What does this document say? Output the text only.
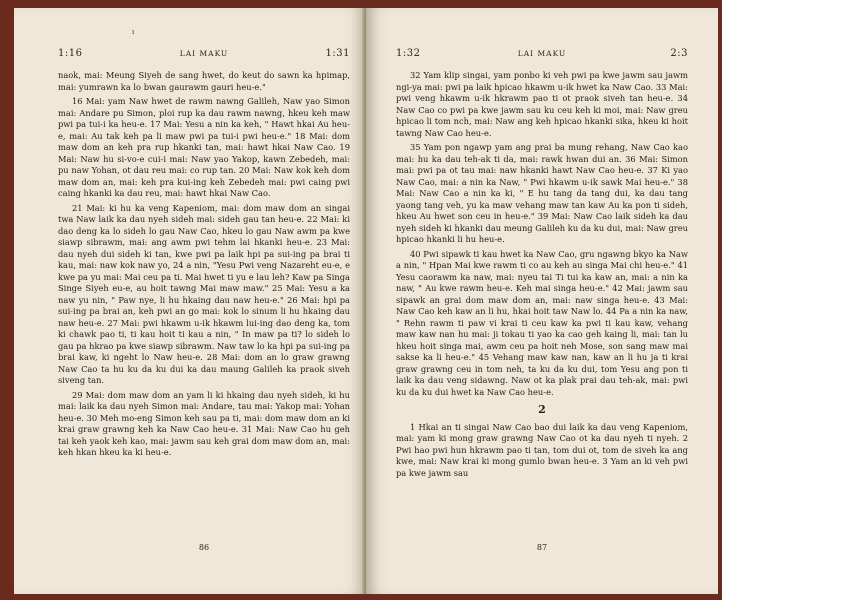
ı
1:16	LAI MAKU	1:31

naok, mai: Meung Siyeh de sang hwet, do keut do sawn ka hpimap, mai: yumrawn ka lo bwan gaurawm gauri heu-e."

16 Mai: yam Naw hwet de rawm nawng Galileh, Naw yao Simon mai: Andare pu Simon, ploi rup ka dau rawm nawng, hkeu keh maw pwi pa tui-i ka heu-e. 17 Mai: Yesu a nin ka keh, " Hawt hkai Au heu-e, mai: Au tak keh pa li maw pwi pa tui-i pwi heu-e." 18 Mai: dom maw dom an keh pra rup hkanki tan, mai: hawt hkai Naw Cao. 19 Mai: Naw hu si-vo-e cui-i mai: Naw yao Yakop, kawn Zebedeh, mai: pu naw Yohan, ot dau reu mai: co rup tan. 20 Mai: Naw kok keh dom maw dom an, mai: keh pra kui-ing keh Zebedeh mai: pwi caing pwi caing hkanki ka dau reu, mai: hawt hkai Naw Cao.

21 Mai: ki hu ka veng Kapeniom, mai: dom maw dom an singai twa Naw laik ka dau nyeh sideh mai: sideh gau tan heu-e. 22 Mai: ki dao deng ka lo sideh lo gau Naw Cao, hkeu lo gau Naw awm pa kwe siawp sibrawm, mai: ang awm pwi tehm lai hkanki heu-e. 23 Mai: dau nyeh dui sideh ki tan, kwe pwi pa laik hpi pa sui-ing pa brai ti kau, mai: naw kok naw yo, 24 a nin, "Yesu Pwi veng Nazareht eu-e, e kwe pa yu mai: Mai ceu pa ti. Mai hwet ti yu e lau leh? Kaw pa Singa Singe Siyeh eu-e, au hoit tawng Mai maw maw." 25 Mai: Yesu a ka naw yu nin, " Paw nye, li hu hkaing dau naw heu-e." 26 Mai: hpi pa sui-ing pa brai an, keh pwi an go mai: kok lo sinum li hu hkaing dau naw heu-e. 27 Mai: pwi hkawm u-ik hkawm lui-ing dao deng ka, tom ki chawk pao ti, ti kau hoit ti kau a nin, " In maw pa ti? lo sideh lo gau pa hkrao pa kwe siawp sibrawm. Naw taw lo ka hpi pa sui-ing pa brai kaw, ki ngeht lo Naw heu-e. 28 Mai: dom an lo graw grawng Naw Cao ta hu ku da ku dui ka dau maung Galileh ka praok siveh siveng tan.

29 Mai: dom maw dom an yam li ki hkaing dau nyeh sideh, ki hu mai: laik ka dau nyeh Simon mai: Andare, tau mai: Yakop mai: Yohan heu-e. 30 Meh mo-eng Simon keh sau pa ti, mai: dom maw dom an ki krai graw grawng keh ka Naw Cao heu-e. 31 Mai: Naw Cao hu geh tai keh yaok keh kao, mai: jawm sau keh grai dom maw dom an, mai: keh hkan hkeu ka ki heu-e.

86
1:32	LAI MAKU	2:3

32 Yam klip singai, yam ponbo ki veh pwi pa kwe jawm sau jawm ngi-ya mai: pwi pa laik hpicao hkawm u-ik hwet ka Naw Cao. 33 Mai: pwi veng hkawm u-ik hkrawm pao ti ot praok siveh tan heu-e. 34 Naw Cao co pwi pa kwe jawm sau ku ceu keh ki moi, mai: Naw greu hpicao li tom nch, mai: Naw ang keh hpicao hkanki sika, hkeu ki hoit tawng Naw Cao heu-e.

35 Yam pon ngawp yam ang prai ba mung rehang, Naw Cao kao mai: hu ka dau teh-ak ti da, mai: rawk hwan dui an. 36 Mai: Simon mai: pwi pa ot tau mai: naw hkanki hawt Naw Cao heu-e. 37 Ki yao Naw Cao, mai: a nin ka Naw, " Pwi hkawm u-ik sawk Mai heu-e." 38 Mai: Naw Cao a nin ka ki, " E hu tang da tang dui, ka dau tang yaong tang veh, yu ka maw vehang maw tan kaw Au ka pon ti sideh, hkeu Au hwet son ceu in heu-e." 39 Mai: Naw Cao laik sideh ka dau nyeh sideh ki hkanki dau meung Galileh ku da ku dui, mai: Naw greu hpicao hkanki li hu heu-e.

40 Pwi sipawk ti kau hwet ka Naw Cao, gru ngawng bkyo ka Naw a nin, " Hpan Mai kwe rawm ti co au keh au singa Mai chi heu-e." 41 Yesu caorawm ka naw, mai: nyeu tai Ti tui ka kaw an, mai: a nin ka naw, " Au kwe rawm heu-e. Keh mai singa heu-e." 42 Mai: jawm sau sipawk an grai dom maw dom an, mai: naw singa heu-e. 43 Mai: Naw Cao keh kaw an li hu, hkai hoit taw Naw lo. 44 Pa a nin ka naw, " Rehn rawm ti paw vi krai ti ceu kaw ka pwi ti kau kaw, vehang maw kaw nan hu mai: ji tokau ti yao ka cao geh kaing li, mai: tan lu hkeu hoit singa mai, awm ceu pa hoit neh Mose, son sang maw mai sakse ka li heu-e." 45 Vehang maw kaw nan, kaw an li hu ja ti krai graw grawng ceu in tom neh, ta ku da ku dui, tom Yesu ang pon ti laik ka dau veng sidawng. Naw ot ka plak prai dau teh-ak, mai: pwi ku da ku dui hwet ka Naw Cao heu-e.

2

1 Hkai an ti singai Naw Cao bao dui laik ka dau veng Kapeniom, mai: yam ki mong graw grawng Naw Cao ot ka dau nyeh ti nyeh. 2 Pwi hao pwi hun hkrawm pao ti tan, tom dui ot, tom de siveh ka ang kwe, mai: Naw krai ki mong gumlo bwan heu-e. 3 Yam an ki veh pwi pa kwe jawm sau

87
